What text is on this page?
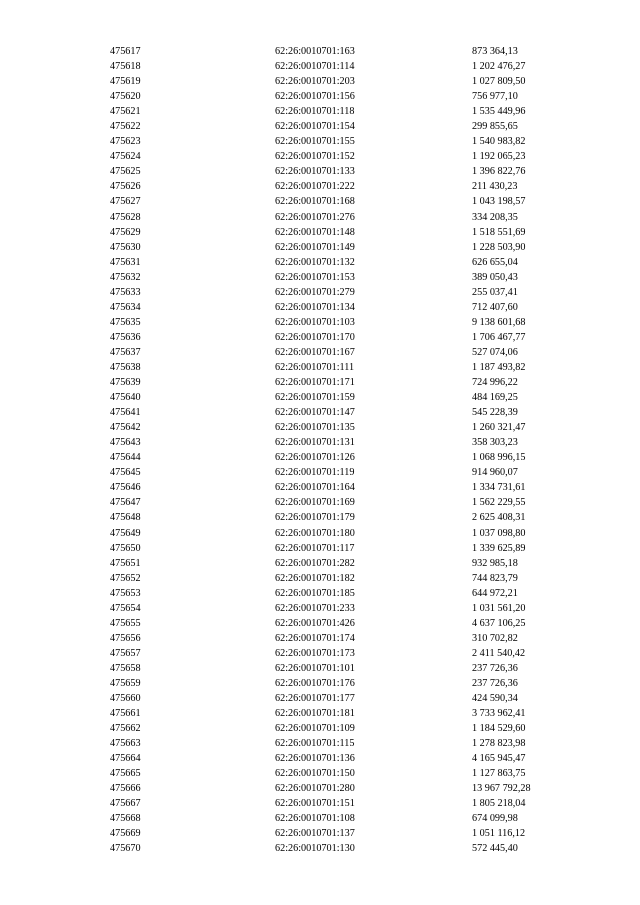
475617	62:26:0010701:163	873 364,13
475618	62:26:0010701:114	1 202 476,27
475619	62:26:0010701:203	1 027 809,50
475620	62:26:0010701:156	756 977,10
475621	62:26:0010701:118	1 535 449,96
475622	62:26:0010701:154	299 855,65
475623	62:26:0010701:155	1 540 983,82
475624	62:26:0010701:152	1 192 065,23
475625	62:26:0010701:133	1 396 822,76
475626	62:26:0010701:222	211 430,23
475627	62:26:0010701:168	1 043 198,57
475628	62:26:0010701:276	334 208,35
475629	62:26:0010701:148	1 518 551,69
475630	62:26:0010701:149	1 228 503,90
475631	62:26:0010701:132	626 655,04
475632	62:26:0010701:153	389 050,43
475633	62:26:0010701:279	255 037,41
475634	62:26:0010701:134	712 407,60
475635	62:26:0010701:103	9 138 601,68
475636	62:26:0010701:170	1 706 467,77
475637	62:26:0010701:167	527 074,06
475638	62:26:0010701:111	1 187 493,82
475639	62:26:0010701:171	724 996,22
475640	62:26:0010701:159	484 169,25
475641	62:26:0010701:147	545 228,39
475642	62:26:0010701:135	1 260 321,47
475643	62:26:0010701:131	358 303,23
475644	62:26:0010701:126	1 068 996,15
475645	62:26:0010701:119	914 960,07
475646	62:26:0010701:164	1 334 731,61
475647	62:26:0010701:169	1 562 229,55
475648	62:26:0010701:179	2 625 408,31
475649	62:26:0010701:180	1 037 098,80
475650	62:26:0010701:117	1 339 625,89
475651	62:26:0010701:282	932 985,18
475652	62:26:0010701:182	744 823,79
475653	62:26:0010701:185	644 972,21
475654	62:26:0010701:233	1 031 561,20
475655	62:26:0010701:426	4 637 106,25
475656	62:26:0010701:174	310 702,82
475657	62:26:0010701:173	2 411 540,42
475658	62:26:0010701:101	237 726,36
475659	62:26:0010701:176	237 726,36
475660	62:26:0010701:177	424 590,34
475661	62:26:0010701:181	3 733 962,41
475662	62:26:0010701:109	1 184 529,60
475663	62:26:0010701:115	1 278 823,98
475664	62:26:0010701:136	4 165 945,47
475665	62:26:0010701:150	1 127 863,75
475666	62:26:0010701:280	13 967 792,28
475667	62:26:0010701:151	1 805 218,04
475668	62:26:0010701:108	674 099,98
475669	62:26:0010701:137	1 051 116,12
475670	62:26:0010701:130	572 445,40
